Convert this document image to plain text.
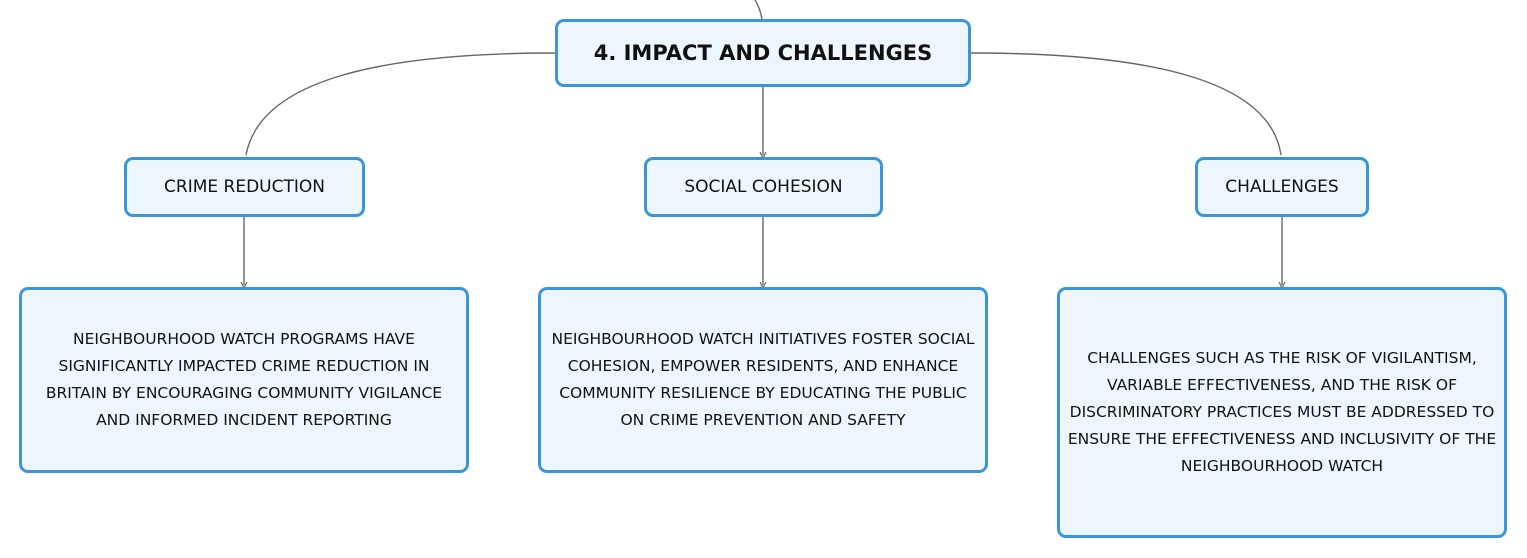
4. IMPACT AND CHALLENGES
CRIME REDUCTION	SOCIAL COHESION	CHALLENGES
NEIGHBOURHOOD WATCH PROGRAMS HAVE SIGNIFICANTLY IMPACTED CRIME REDUCTION IN BRITAIN BY ENCOURAGING COMMUNITY VIGILANCE AND INFORMED INCIDENT REPORTING
NEIGHBOURHOOD WATCH INITIATIVES FOSTER SOCIAL COHESION, EMPOWER RESIDENTS, AND ENHANCE COMMUNITY RESILIENCE BY EDUCATING THE PUBLIC ON CRIME PREVENTION AND SAFETY
CHALLENGES SUCH AS THE RISK OF VIGILANTISM, VARIABLE EFFECTIVENESS, AND THE RISK OF DISCRIMINATORY PRACTICES MUST BE ADDRESSED TO ENSURE THE EFFECTIVENESS AND INCLUSIVITY OF THE NEIGHBOURHOOD WATCH
